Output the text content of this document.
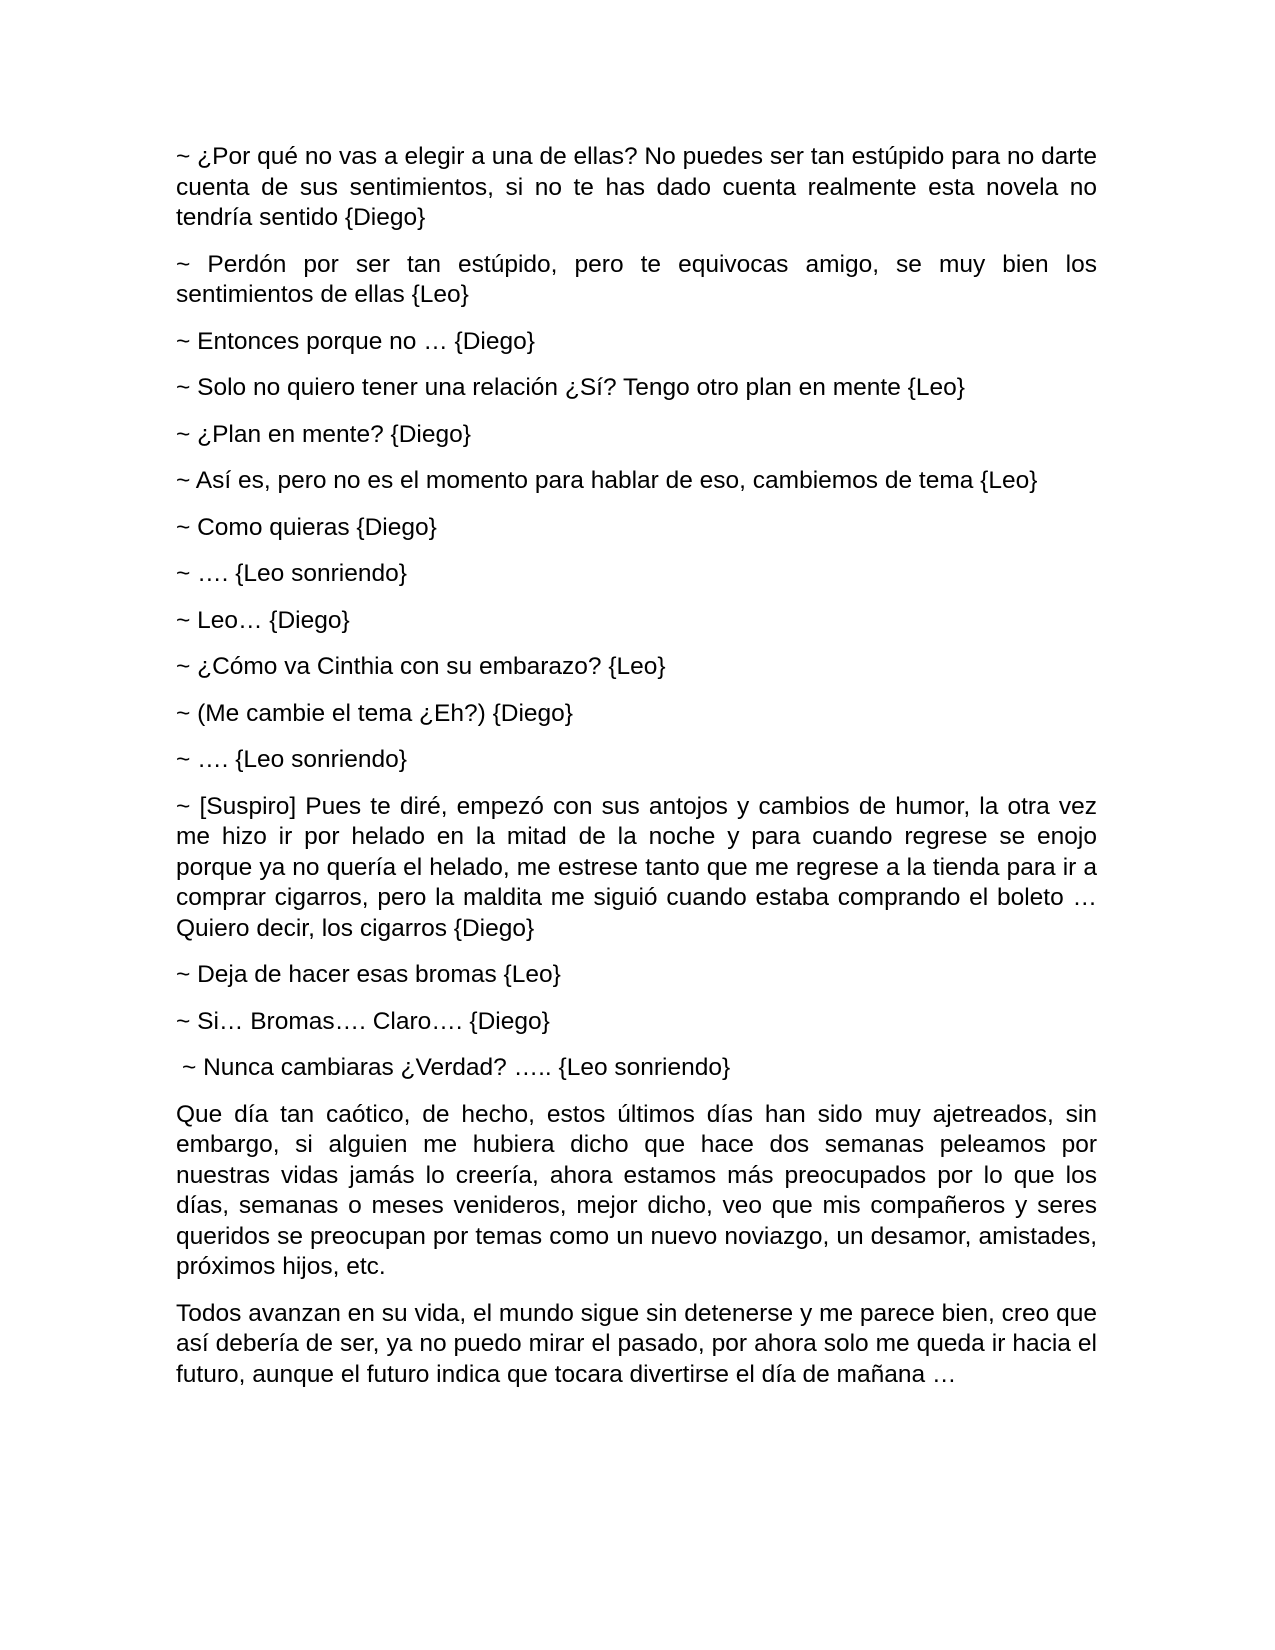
~ ¿Por qué no vas a elegir a una de ellas? No puedes ser tan estúpido para no darte cuenta de sus sentimientos, si no te has dado cuenta realmente esta novela no tendría sentido {Diego}

~ Perdón por ser tan estúpido, pero te equivocas amigo, se muy bien los sentimientos de ellas {Leo}

~ Entonces porque no … {Diego}

~ Solo no quiero tener una relación ¿Sí? Tengo otro plan en mente {Leo}

~ ¿Plan en mente? {Diego}

~ Así es, pero no es el momento para hablar de eso, cambiemos de tema {Leo}

~ Como quieras {Diego}

~ …. {Leo sonriendo}

~ Leo… {Diego}

~ ¿Cómo va Cinthia con su embarazo? {Leo}

~ (Me cambie el tema ¿Eh?) {Diego}

~ …. {Leo sonriendo}

~ [Suspiro] Pues te diré, empezó con sus antojos y cambios de humor, la otra vez me hizo ir por helado en la mitad de la noche y para cuando regrese se enojo porque ya no quería el helado, me estrese tanto que me regrese a la tienda para ir a comprar cigarros, pero la maldita me siguió cuando estaba comprando el boleto … Quiero decir, los cigarros {Diego}

~ Deja de hacer esas bromas {Leo}

~ Si… Bromas…. Claro…. {Diego}

~ Nunca cambiaras ¿Verdad? ….. {Leo sonriendo}

Que día tan caótico, de hecho, estos últimos días han sido muy ajetreados, sin embargo, si alguien me hubiera dicho que hace dos semanas peleamos por nuestras vidas jamás lo creería, ahora estamos más preocupados por lo que los días, semanas o meses venideros, mejor dicho, veo que mis compañeros y seres queridos se preocupan por temas como un nuevo noviazgo, un desamor, amistades, próximos hijos, etc.

Todos avanzan en su vida, el mundo sigue sin detenerse y me parece bien, creo que así debería de ser, ya no puedo mirar el pasado, por ahora solo me queda ir hacia el futuro, aunque el futuro indica que tocara divertirse el día de mañana …
